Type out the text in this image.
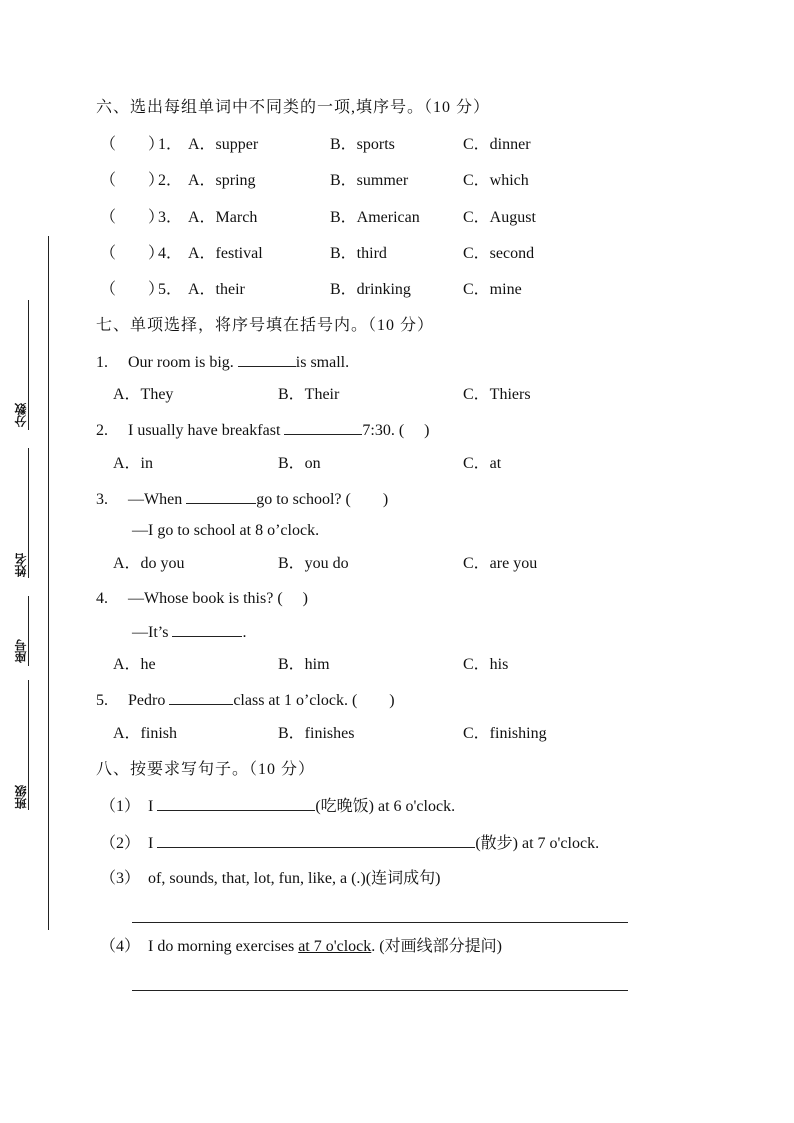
分数
姓名
座号
班级
六、选出每组单词中不同类的一项,填序号。（10 分）
（　　）
1． A．supper	B．sports	C．dinner
（　　）
2． A．spring	B．summer	C．which
（　　）
3． A．March	B．American	C．August
（　　）
4． A．festival	B．third	C．second
（　　）
5． A．their	B．drinking	C．mine
七、单项选择，将序号填在括号内。（10 分）
1. Our room is big.	is small.
A．They	B．Their	C．Thiers
2. I usually have breakfast	7:30. (　 )
A．in	B．on	C．at
3. —When	go to school? (　　)
—I go to school at 8 o’clock.
A．do you	B．you do	C．are you
4. —Whose book is this? (　 )
—It’s	.
A．he	B．him	C．his
5. Pedro	class at 1 o’clock. (　　)
A．finish	B．finishes	C．finishing
八、按要求写句子。（10 分）
（1） I	(吃晚饭) at 6 o'clock.
（2） I	(散步) at 7 o'clock.
（3） of, sounds, that, lot, fun, like, a (.)(连词成句)
（4） I do morning exercises at 7 o'clock. (对画线部分提问)
